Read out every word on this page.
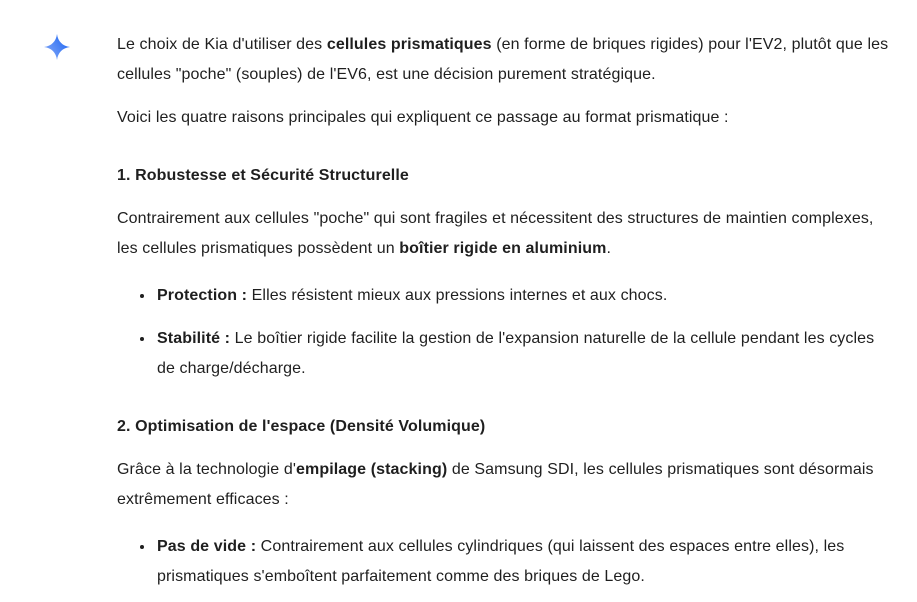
Le choix de Kia d'utiliser des cellules prismatiques (en forme de briques rigides) pour l'EV2, plutôt que les cellules "poche" (souples) de l'EV6, est une décision purement stratégique.

Voici les quatre raisons principales qui expliquent ce passage au format prismatique :

1. Robustesse et Sécurité Structurelle

Contrairement aux cellules "poche" qui sont fragiles et nécessitent des structures de maintien complexes, les cellules prismatiques possèdent un boîtier rigide en aluminium.

• Protection : Elles résistent mieux aux pressions internes et aux chocs.
• Stabilité : Le boîtier rigide facilite la gestion de l'expansion naturelle de la cellule pendant les cycles de charge/décharge.
2. Optimisation de l'espace (Densité Volumique)

Grâce à la technologie d'empilage (stacking) de Samsung SDI, les cellules prismatiques sont désormais extrêmement efficaces :

• Pas de vide : Contrairement aux cellules cylindriques (qui laissent des espaces entre elles), les prismatiques s'emboîtent parfaitement comme des briques de Lego.
